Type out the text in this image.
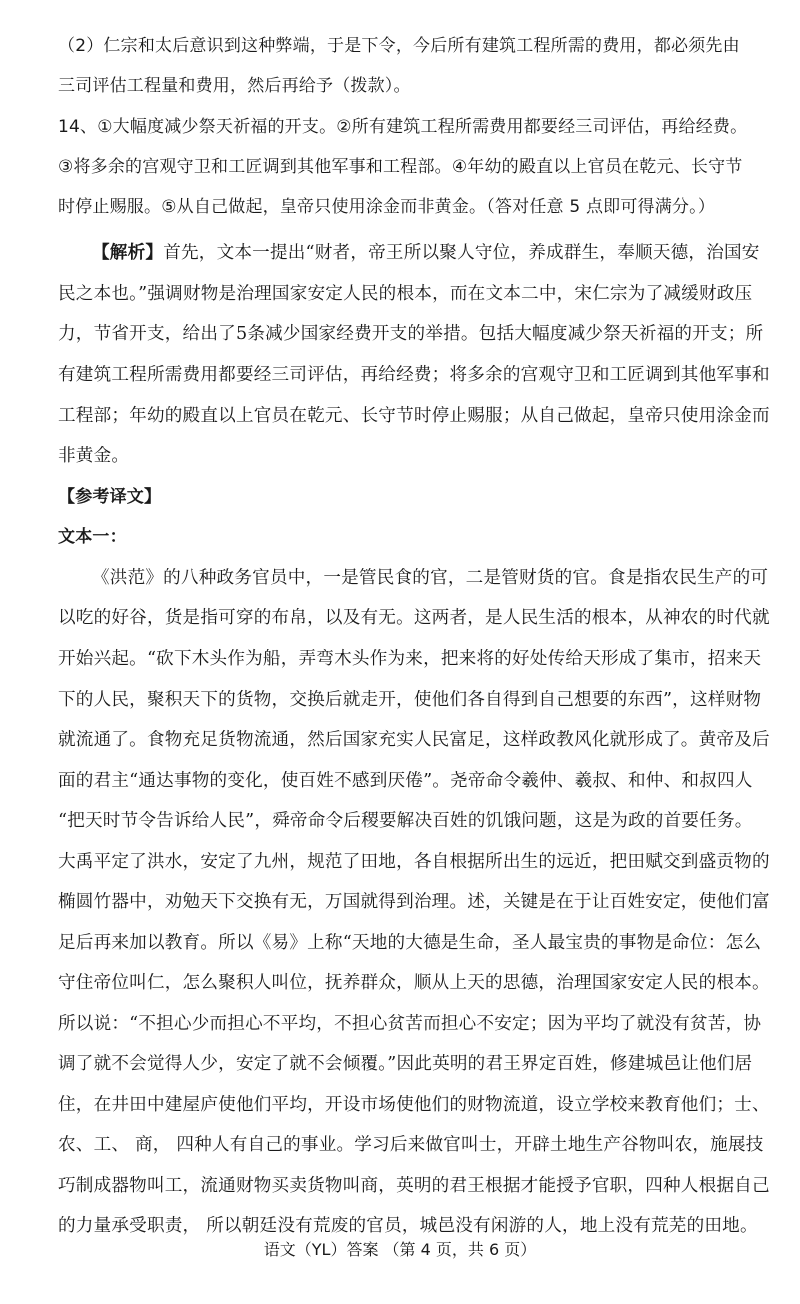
（2）仁宗和太后意识到这种弊端，于是下令，今后所有建筑工程所需的费用，都必须先由
三司评估工程量和费用，然后再给予（拨款）。
14、①大幅度减少祭天祈福的开支。②所有建筑工程所需费用都要经三司评估，再给经费。
③将多余的宫观守卫和工匠调到其他军事和工程部。④年幼的殿直以上官员在乾元、长守节
时停止赐服。⑤从自己做起，皇帝只使用涂金而非黄金。（答对任意 5 点即可得满分。）
【解析】首先，文本一提出“财者，帝王所以聚人守位，养成群生，奉顺天德，治国安
民之本也。”强调财物是治理国家安定人民的根本，而在文本二中，宋仁宗为了减缓财政压
力，节省开支，给出了5条减少国家经费开支的举措。包括大幅度减少祭天祈福的开支；所
有建筑工程所需费用都要经三司评估，再给经费；将多余的宫观守卫和工匠调到其他军事和
工程部；年幼的殿直以上官员在乾元、长守节时停止赐服；从自己做起，皇帝只使用涂金而
非黄金。
【参考译文】
文本一：
《洪范》的八种政务官员中，一是管民食的官，二是管财货的官。食是指农民生产的可
以吃的好谷，货是指可穿的布帛，以及有无。这两者，是人民生活的根本，从神农的时代就
开始兴起。“砍下木头作为船，弄弯木头作为来，把来将的好处传给天形成了集市，招来天
下的人民，聚积天下的货物，交换后就走开，使他们各自得到自己想要的东西”，这样财物
就流通了。食物充足货物流通，然后国家充实人民富足，这样政教风化就形成了。黄帝及后
面的君主“通达事物的变化，使百姓不感到厌倦”。尧帝命令羲仲、羲叔、和仲、和叔四人
“把天时节令告诉给人民”，舜帝命令后稷要解决百姓的饥饿问题，这是为政的首要任务。
大禹平定了洪水，安定了九州，规范了田地，各自根据所出生的远近，把田赋交到盛贡物的
椭圆竹器中，劝勉天下交换有无，万国就得到治理。述，关键是在于让百姓安定，使他们富
足后再来加以教育。所以《易》上称“天地的大德是生命，圣人最宝贵的事物是命位：怎么
守住帝位叫仁，怎么聚积人叫位，抚养群众，顺从上天的思德，治理国家安定人民的根本。
所以说：“不担心少而担心不平均，不担心贫苦而担心不安定；因为平均了就没有贫苦，协
调了就不会觉得人少，安定了就不会倾覆。”因此英明的君王界定百姓，修建城邑让他们居
住，在井田中建屋庐使他们平均，开设市场使他们的财物流道，设立学校来教育他们；士、
农、工、 商， 四种人有自己的事业。学习后来做官叫士，开辟土地生产谷物叫农，施展技
巧制成器物叫工，流通财物买卖货物叫商，英明的君王根据才能授予官职，四种人根据自己
的力量承受职责， 所以朝廷没有荒废的官员，城邑没有闲游的人，地上没有荒芜的田地。
语文（YL）答案 （第 4 页，共 6 页）
